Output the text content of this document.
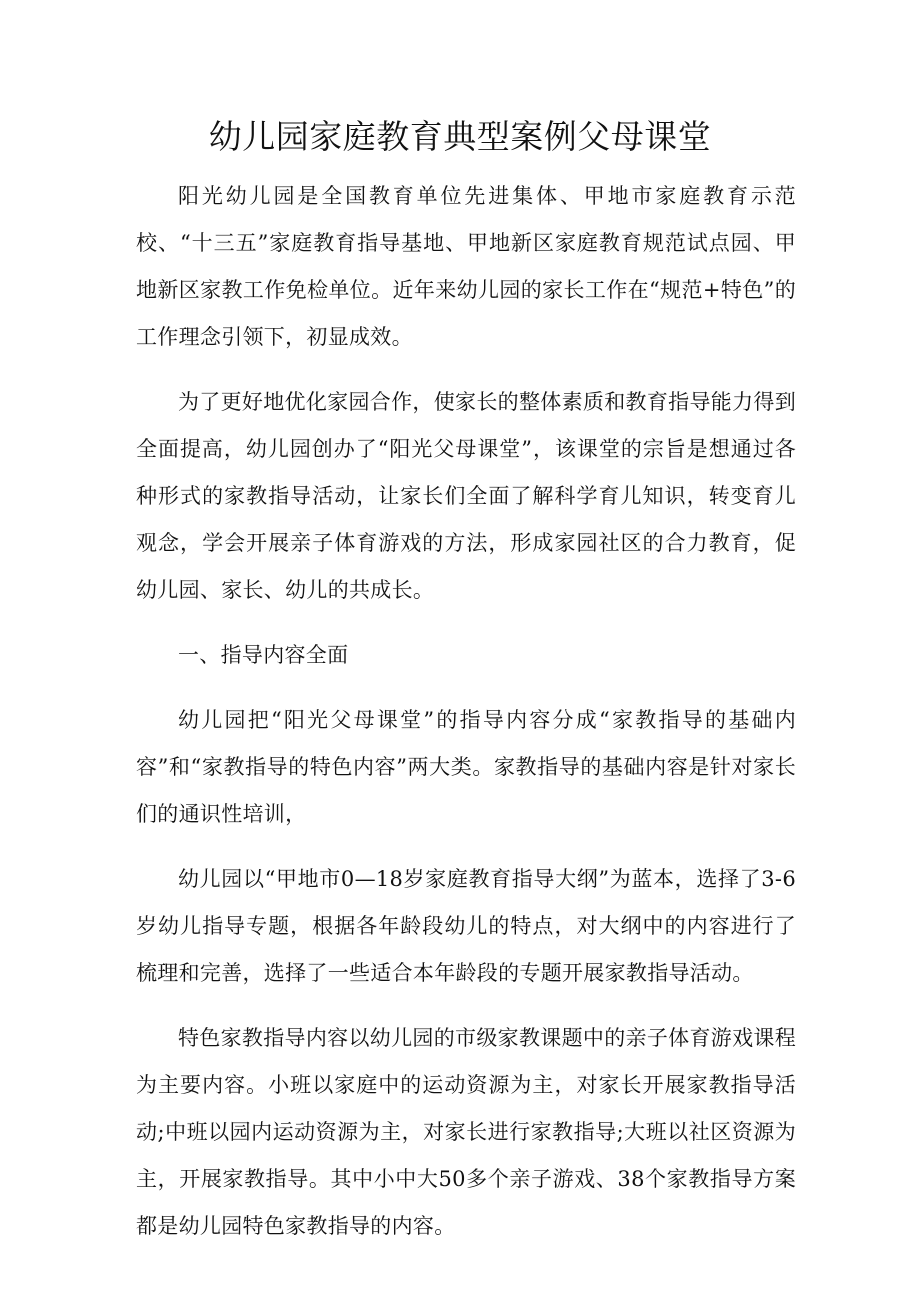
幼儿园家庭教育典型案例父母课堂

阳光幼儿园是全国教育单位先进集体、甲地市家庭教育示范校、“十三五”家庭教育指导基地、甲地新区家庭教育规范试点园、甲地新区家教工作免检单位。近年来幼儿园的家长工作在“规范+特色”的工作理念引领下，初显成效。

为了更好地优化家园合作，使家长的整体素质和教育指导能力得到全面提高，幼儿园创办了“阳光父母课堂”，该课堂的宗旨是想通过各种形式的家教指导活动，让家长们全面了解科学育儿知识，转变育儿观念，学会开展亲子体育游戏的方法，形成家园社区的合力教育，促幼儿园、家长、幼儿的共成长。

一、指导内容全面

幼儿园把“阳光父母课堂”的指导内容分成“家教指导的基础内容”和“家教指导的特色内容”两大类。家教指导的基础内容是针对家长们的通识性培训，

幼儿园以“甲地市0—18岁家庭教育指导大纲”为蓝本，选择了3-6岁幼儿指导专题，根据各年龄段幼儿的特点，对大纲中的内容进行了梳理和完善，选择了一些适合本年龄段的专题开展家教指导活动。

特色家教指导内容以幼儿园的市级家教课题中的亲子体育游戏课程为主要内容。小班以家庭中的运动资源为主，对家长开展家教指导活动;中班以园内运动资源为主，对家长进行家教指导;大班以社区资源为主，开展家教指导。其中小中大50多个亲子游戏、38个家教指导方案都是幼儿园特色家教指导的内容。
